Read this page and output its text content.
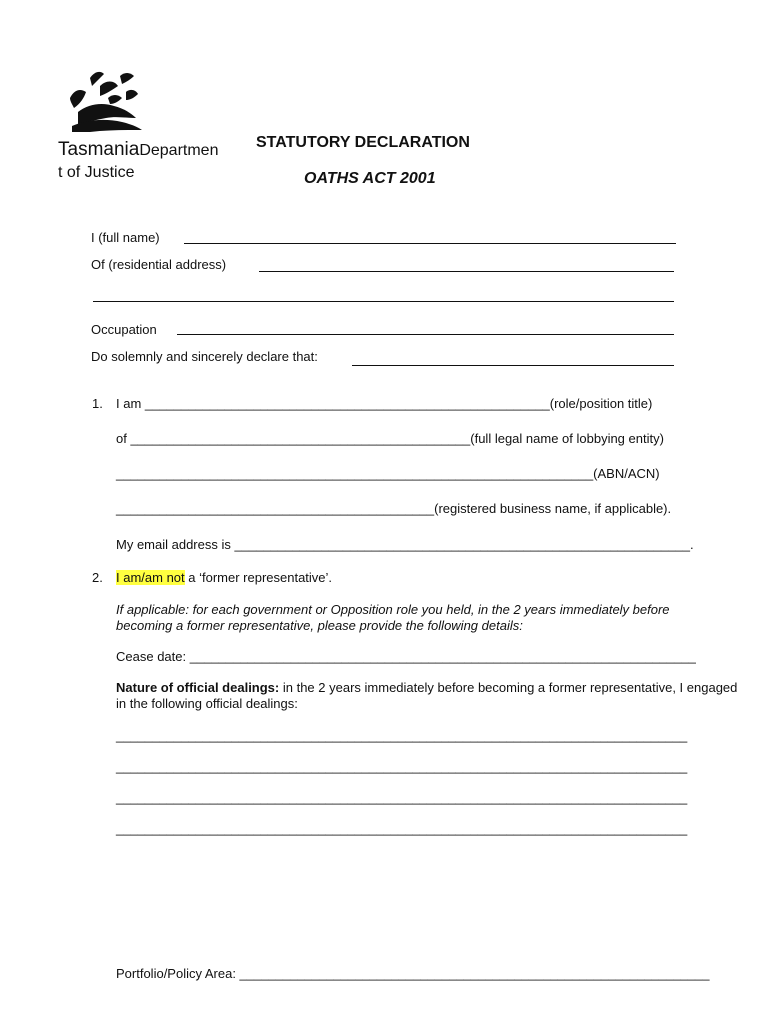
TasmaniaDepartmen
t of Justice
STATUTORY DECLARATION
OATHS ACT 2001
I (full name)
Of (residential address)
Occupation
Do solemnly and sincerely declare that:
1. I am ________________________________________________________(role/position title)
of _______________________________________________(full legal name of lobbying entity)
__________________________________________________________________(ABN/ACN)
____________________________________________(registered business name, if applicable).
My email address is _______________________________________________________________.
2. I am/am not a ‘former representative’.
If applicable: for each government or Opposition role you held, in the 2 years immediately before becoming a former representative, please provide the following details:
Cease date: ______________________________________________________________________
Nature of official dealings: in the 2 years immediately before becoming a former representative, I engaged in the following official dealings:
_______________________________________________________________________________
_______________________________________________________________________________
_______________________________________________________________________________
_______________________________________________________________________________
Portfolio/Policy Area: _________________________________________________________________
